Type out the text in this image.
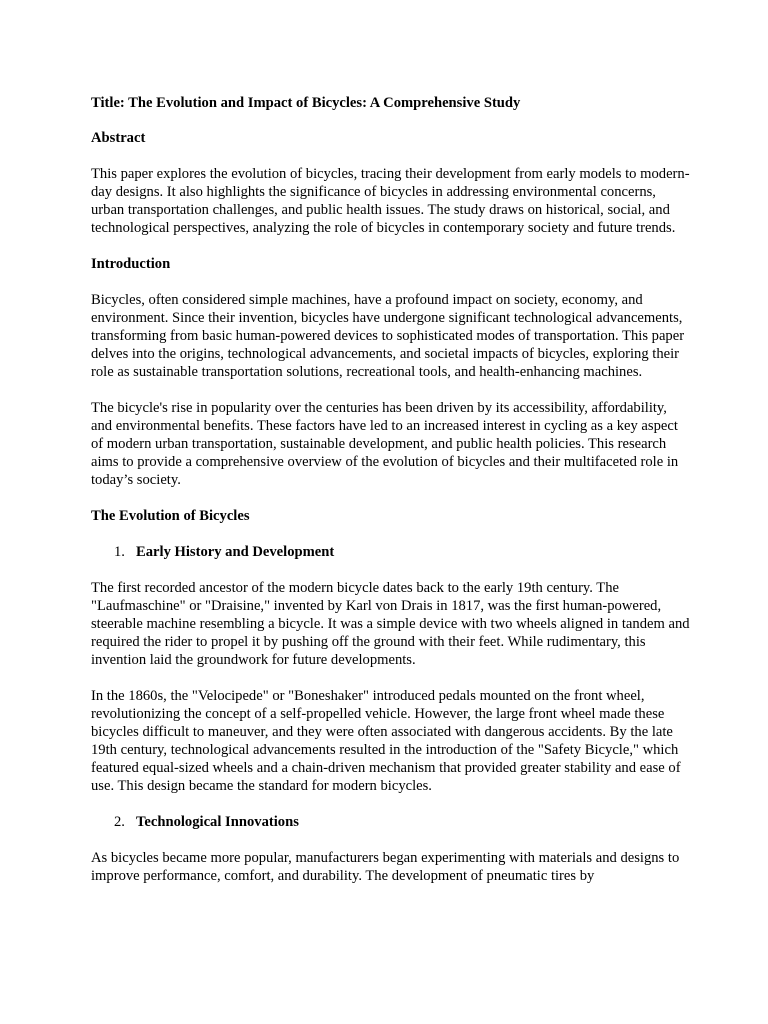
Title: The Evolution and Impact of Bicycles: A Comprehensive Study

Abstract

This paper explores the evolution of bicycles, tracing their development from early models to modern-day designs. It also highlights the significance of bicycles in addressing environmental concerns, urban transportation challenges, and public health issues. The study draws on historical, social, and technological perspectives, analyzing the role of bicycles in contemporary society and future trends.

Introduction

Bicycles, often considered simple machines, have a profound impact on society, economy, and environment. Since their invention, bicycles have undergone significant technological advancements, transforming from basic human-powered devices to sophisticated modes of transportation. This paper delves into the origins, technological advancements, and societal impacts of bicycles, exploring their role as sustainable transportation solutions, recreational tools, and health-enhancing machines.

The bicycle's rise in popularity over the centuries has been driven by its accessibility, affordability, and environmental benefits. These factors have led to an increased interest in cycling as a key aspect of modern urban transportation, sustainable development, and public health policies. This research aims to provide a comprehensive overview of the evolution of bicycles and their multifaceted role in today’s society.

The Evolution of Bicycles

1. Early History and Development

The first recorded ancestor of the modern bicycle dates back to the early 19th century. The "Laufmaschine" or "Draisine," invented by Karl von Drais in 1817, was the first human-powered, steerable machine resembling a bicycle. It was a simple device with two wheels aligned in tandem and required the rider to propel it by pushing off the ground with their feet. While rudimentary, this invention laid the groundwork for future developments.

In the 1860s, the "Velocipede" or "Boneshaker" introduced pedals mounted on the front wheel, revolutionizing the concept of a self-propelled vehicle. However, the large front wheel made these bicycles difficult to maneuver, and they were often associated with dangerous accidents. By the late 19th century, technological advancements resulted in the introduction of the "Safety Bicycle," which featured equal-sized wheels and a chain-driven mechanism that provided greater stability and ease of use. This design became the standard for modern bicycles.

2. Technological Innovations

As bicycles became more popular, manufacturers began experimenting with materials and designs to improve performance, comfort, and durability. The development of pneumatic tires by
